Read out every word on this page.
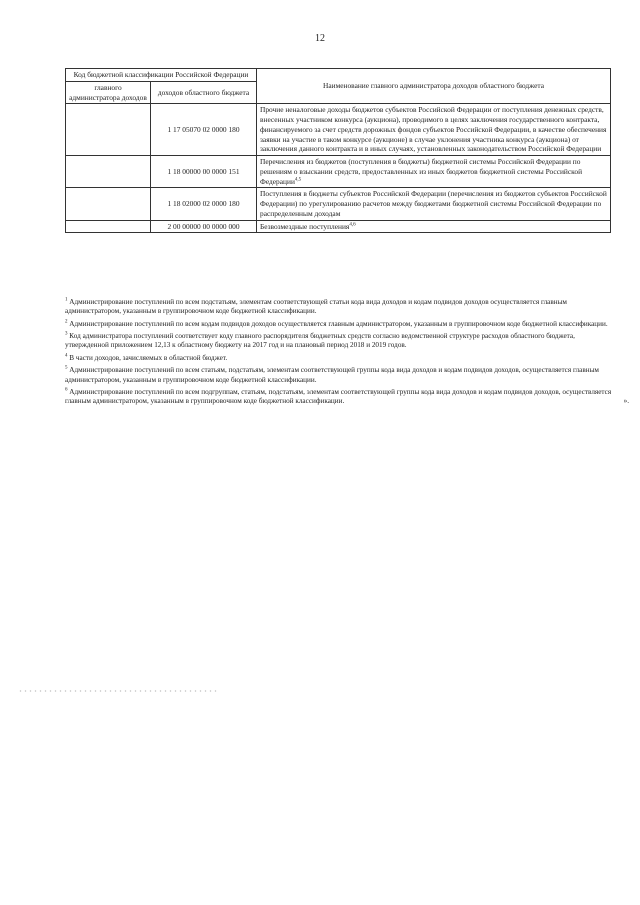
12
Код бюджетной классификации Российской Федерации		Наименование главного администратора доходов областного бюджета
главного администратора доходов	доходов областного бюджета	
	1 17 05070 02 0000 180	Прочие неналоговые доходы бюджетов субъектов Российской Федерации от поступления денежных средств, внесенных участником конкурса (аукциона), проводимого в целях заключения государственного контракта, финансируемого за счет средств дорожных фондов субъектов Российской Федерации, в качестве обеспечения заявки на участие в таком конкурсе (аукционе) в случае уклонения участника конкурса (аукциона) от заключения данного контракта и в иных случаях, установленных законодательством Российской Федерации
	1 18 00000 00 0000 151	Перечисления из бюджетов (поступления в бюджеты) бюджетной системы Российской Федерации по решениям о взыскании средств, предоставленных из иных бюджетов бюджетной системы Российской Федерации$^{4,5}$
	1 18 02000 02 0000 180	Поступления в бюджеты субъектов Российской Федерации (перечисления из бюджетов субъектов Российской Федерации) по урегулированию расчетов между бюджетами бюджетной системы Российской Федерации по распределенным доходам
	2 00 00000 00 0000 000	Безвозмездные поступления$^{4,6}$

$^1$ Администрирование поступлений по всем подстатьям, элементам соответствующей статьи кода вида доходов и кодам подвидов доходов осуществляется главным администратором, указанным в группировочном коде бюджетной классификации.

$^2$ Администрирование поступлений по всем кодам подвидов доходов осуществляется главным администратором, указанным в группировочном коде бюджетной классификации.

$^3$ Код администратора поступлений соответствует коду главного распорядителя бюджетных средств согласно ведомственной структуре расходов областного бюджета, утвержденной приложением 12,13 к областному бюджету на 2017 год и на плановый период 2018 и 2019 годов.

$^4$ В части доходов, зачисляемых в областной бюджет.

$^5$ Администрирование поступлений по всем статьям, подстатьям, элементам соответствующей группы кода вида доходов и кодам подвидов доходов, осуществляется главным администратором, указанным в группировочном коде бюджетной классификации.

$^6$ Администрирование поступлений по всем подгруппам, статьям, подстатьям, элементам соответствующей группы кода вида доходов и кодам подвидов доходов, осуществляется главным администратором, указанным в группировочном коде бюджетной классификации.	».
